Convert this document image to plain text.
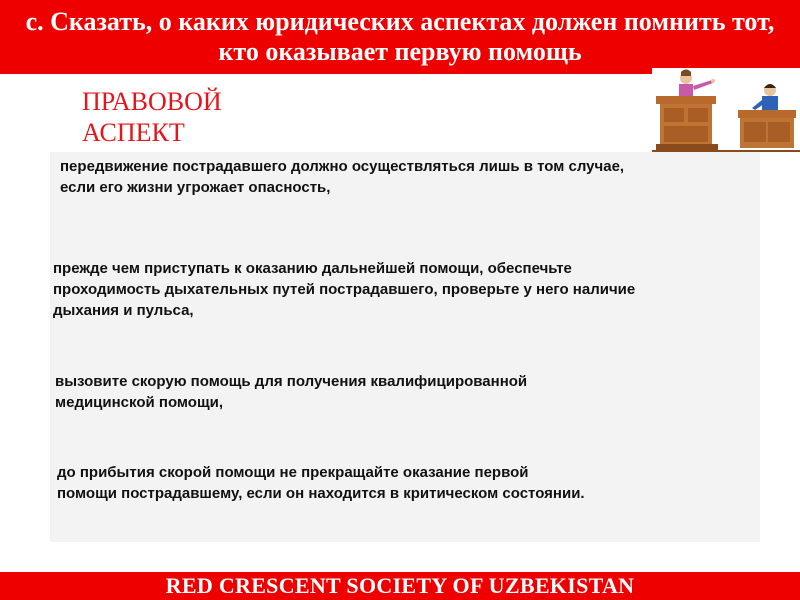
с. Сказать, о каких юридических аспектах должен помнить тот, кто оказывает первую помощь
ПРАВОВОЙ АСПЕКТ
передвижение пострадавшего должно осуществляться лишь в том случае,
если его жизни угрожает опасность,
прежде чем приступать к оказанию дальнейшей помощи, обеспечьте
проходимость дыхательных путей пострадавшего, проверьте у него наличие
дыхания и пульса,
вызовите скорую помощь для получения квалифицированной
медицинской помощи,
до прибытия скорой помощи не прекращайте оказание первой
помощи пострадавшему, если он находится в критическом состоянии.
RED CRESCENT SOCIETY OF UZBEKISTAN
